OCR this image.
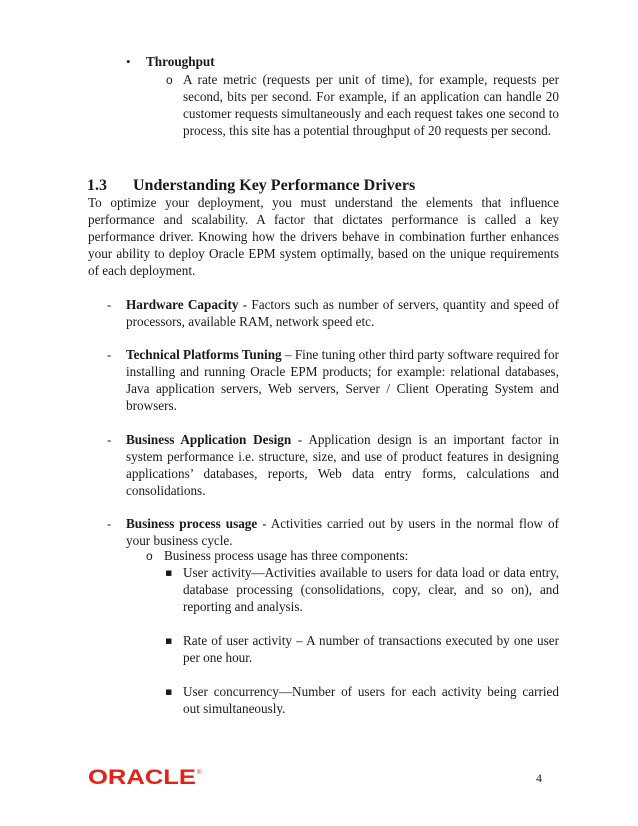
• Throughput
o A rate metric (requests per unit of time), for example, requests per second, bits per second. For example, if an application can handle 20 customer requests simultaneously and each request takes one second to process, this site has a potential throughput of 20 requests per second.
1.3 Understanding Key Performance Drivers
To optimize your deployment, you must understand the elements that influence performance and scalability. A factor that dictates performance is called a key performance driver. Knowing how the drivers behave in combination further enhances your ability to deploy Oracle EPM system optimally, based on the unique requirements of each deployment.
- Hardware Capacity - Factors such as number of servers, quantity and speed of processors, available RAM, network speed etc.
- Technical Platforms Tuning – Fine tuning other third party software required for installing and running Oracle EPM products; for example: relational databases, Java application servers, Web servers, Server / Client Operating System and browsers.
- Business Application Design - Application design is an important factor in system performance i.e. structure, size, and use of product features in designing applications’ databases, reports, Web data entry forms, calculations and consolidations.
- Business process usage - Activities carried out by users in the normal flow of your business cycle.
o Business process usage has three components:
▪ User activity—Activities available to users for data load or data entry, database processing (consolidations, copy, clear, and so on), and reporting and analysis.
▪ Rate of user activity – A number of transactions executed by one user per one hour.
▪ User concurrency—Number of users for each activity being carried out simultaneously.
ORACLE ®	4
